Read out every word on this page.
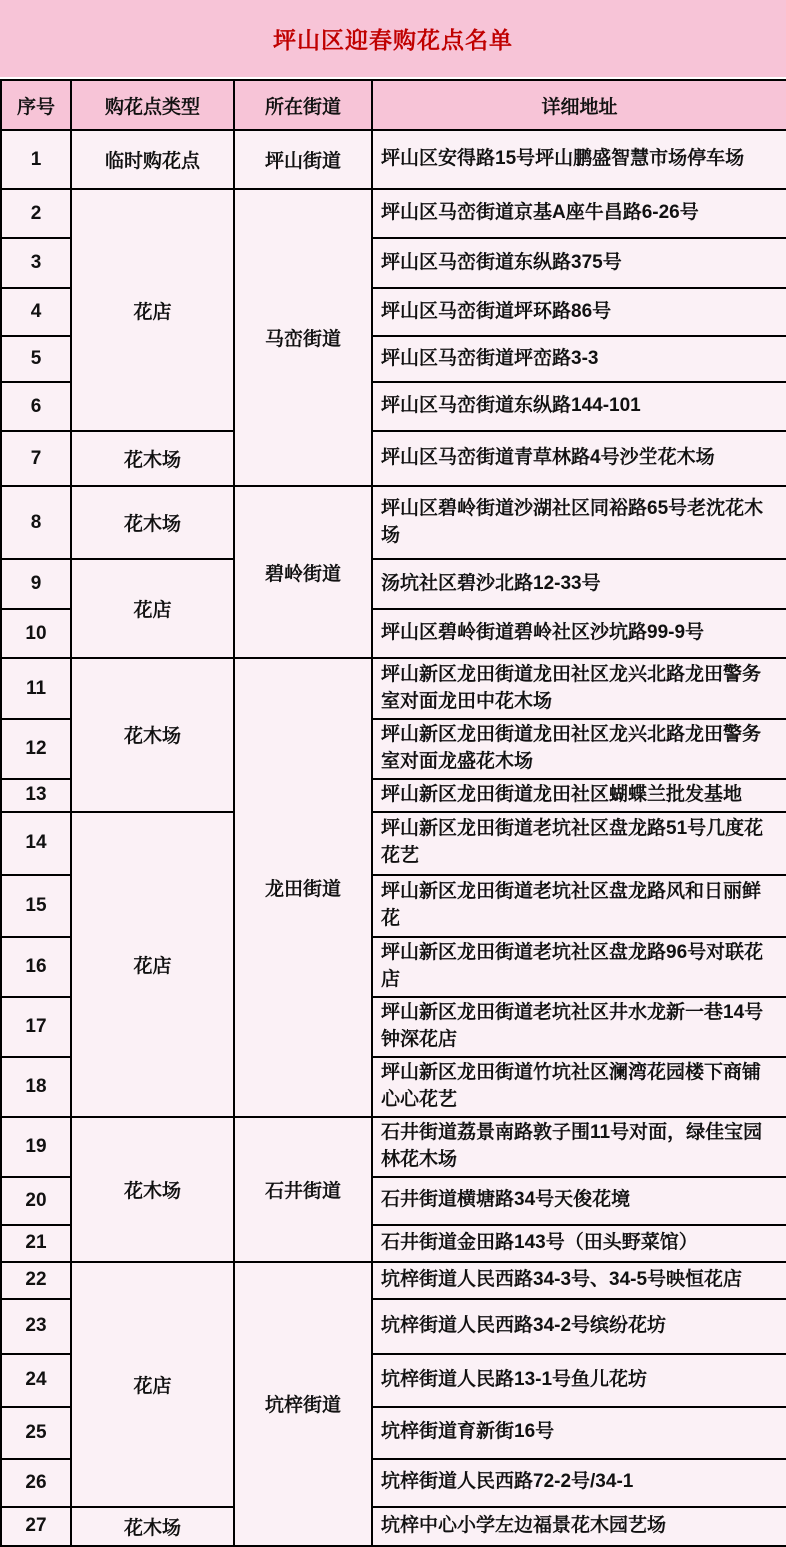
坪山区迎春购花点名单
序号	购花点类型	所在街道	详细地址
1	临时购花点	坪山街道	坪山区安得路15号坪山鹏盛智慧市场停车场
2	花店	马峦街道	坪山区马峦街道京基A座牛昌路6-26号
3			坪山区马峦街道东纵路375号
4			坪山区马峦街道坪环路86号
5			坪山区马峦街道坪峦路3-3
6			坪山区马峦街道东纵路144-101
7	花木场		坪山区马峦街道青草林路4号沙坣花木场
8	花木场	碧岭街道	坪山区碧岭街道沙湖社区同裕路65号老沈花木场
9	花店		汤坑社区碧沙北路12-33号
10			坪山区碧岭街道碧岭社区沙坑路99-9号
11	花木场	龙田街道	坪山新区龙田街道龙田社区龙兴北路龙田警务室对面龙田中花木场
12			坪山新区龙田街道龙田社区龙兴北路龙田警务室对面龙盛花木场
13			坪山新区龙田街道龙田社区蝴蝶兰批发基地
14	花店		坪山新区龙田街道老坑社区盘龙路51号几度花花艺
15			坪山新区龙田街道老坑社区盘龙路风和日丽鲜花
16			坪山新区龙田街道老坑社区盘龙路96号对联花店
17			坪山新区龙田街道老坑社区井水龙新一巷14号钟深花店
18			坪山新区龙田街道竹坑社区澜湾花园楼下商铺心心花艺
19	花木场	石井街道	石井街道荔景南路敦子围11号对面，绿佳宝园林花木场
20			石井街道横塘路34号天俊花境
21			石井街道金田路143号（田头野菜馆）
22	花店	坑梓街道	坑梓街道人民西路34-3号、34-5号映恒花店
23			坑梓街道人民西路34-2号缤纷花坊
24			坑梓街道人民路13-1号鱼儿花坊
25			坑梓街道育新街16号
26			坑梓街道人民西路72-2号/34-1
27	花木场		坑梓中心小学左边福景花木园艺场
